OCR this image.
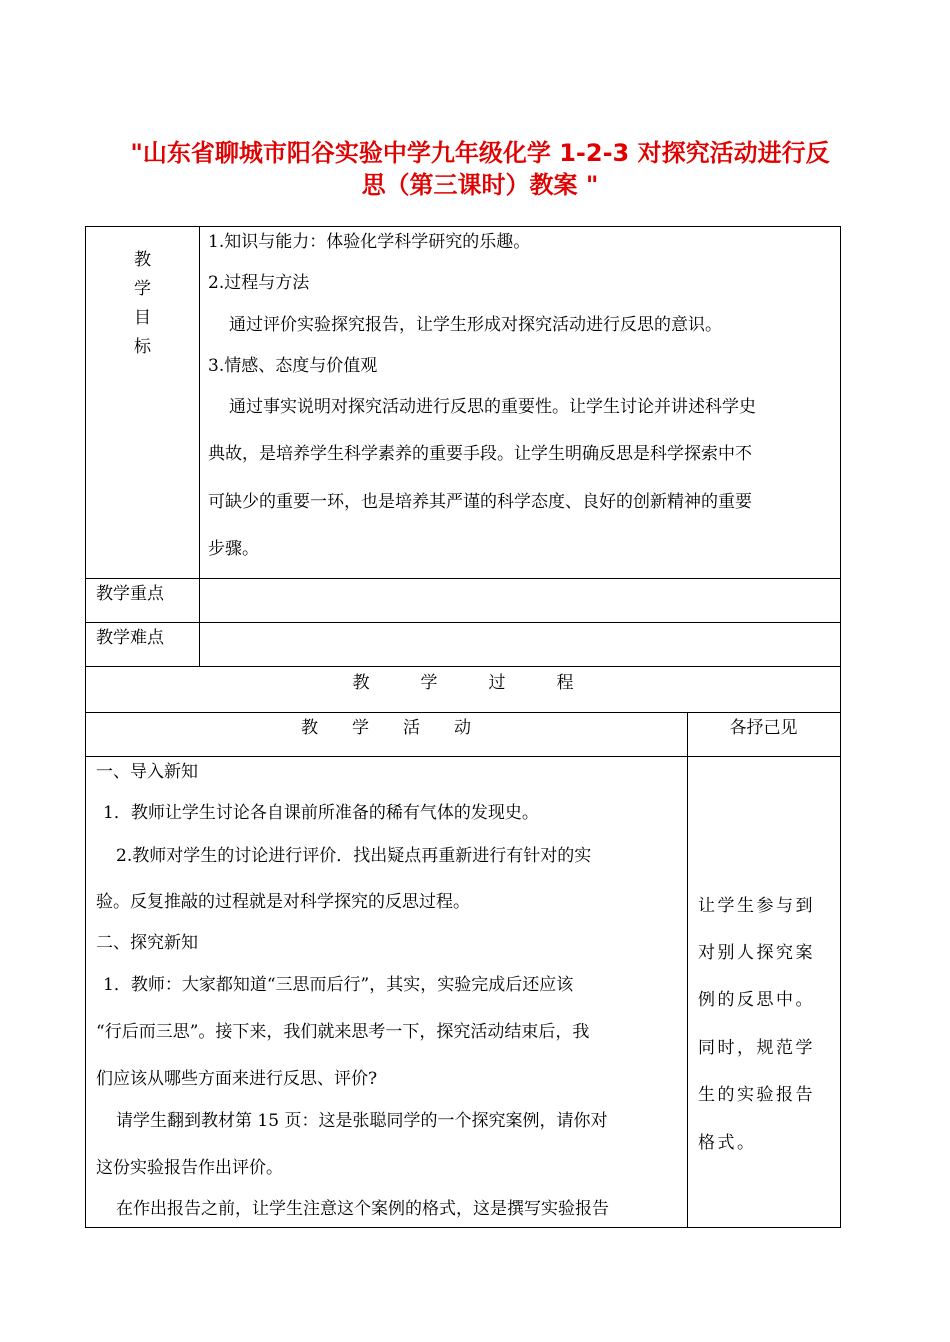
"山东省聊城市阳谷实验中学九年级化学 1-2-3 对探究活动进行反
思（第三课时）教案 "
教
学
目
标
1.知识与能力：体验化学科学研究的乐趣。
2.过程与方法
通过评价实验探究报告，让学生形成对探究活动进行反思的意识。
3.情感、态度与价值观
通过事实说明对探究活动进行反思的重要性。让学生讨论并讲述科学史
典故，是培养学生科学素养的重要手段。让学生明确反思是科学探索中不
可缺少的重要一环，也是培养其严谨的科学态度、良好的创新精神的重要
步骤。
教学重点
教学难点
教　　　学　　　过　　　程
教　　学　　活　　动	各抒己见
一、导入新知
1．教师让学生讨论各自课前所准备的稀有气体的发现史。
2.教师对学生的讨论进行评价．找出疑点再重新进行有针对的实
验。反复推敲的过程就是对科学探究的反思过程。
二、探究新知
1．教师：大家都知道“三思而后行”，其实，实验完成后还应该
“行后而三思”。接下来，我们就来思考一下，探究活动结束后，我
们应该从哪些方面来进行反思、评价?
请学生翻到教材第 15 页：这是张聪同学的一个探究案例，请你对
这份实验报告作出评价。
在作出报告之前，让学生注意这个案例的格式，这是撰写实验报告
让学生参与到
对别人探究案
例的反思中。
同时，规范学
生的实验报告
格式。
